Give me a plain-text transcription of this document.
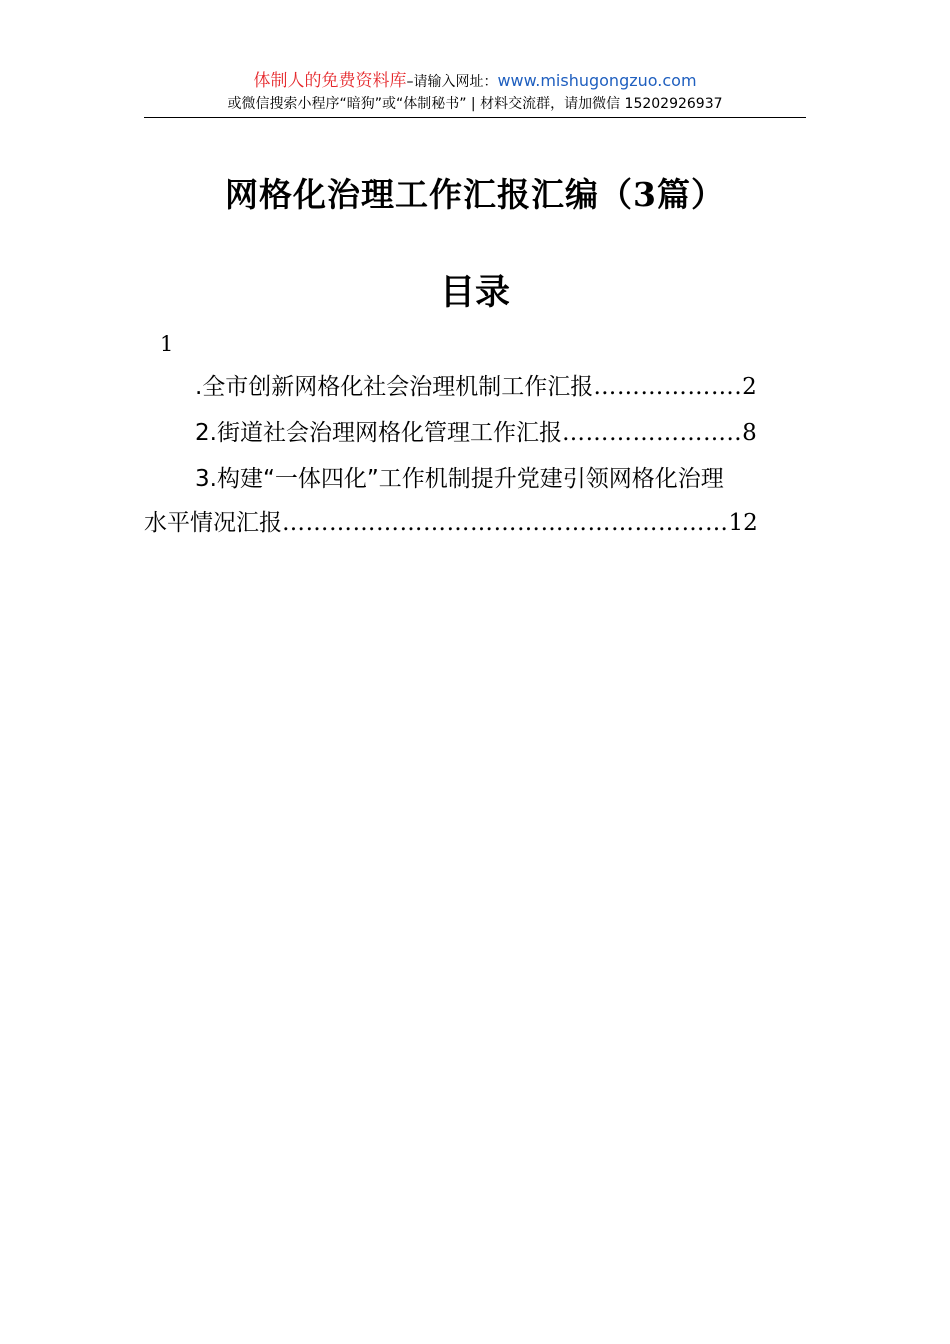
体制人的免费资料库–请输入网址：www.mishugongzuo.com
或微信搜索小程序“暗狗”或“体制秘书” | 材料交流群，请加微信 15202926937
网格化治理工作汇报汇编（3篇）
目录
1
.全市创新网格化社会治理机制工作汇报……………….2
2.街道社会治理网格化管理工作汇报…………………..8
3.构建“一体四化”工作机制提升党建引领网格化治理
水平情况汇报…………………………………………………12
